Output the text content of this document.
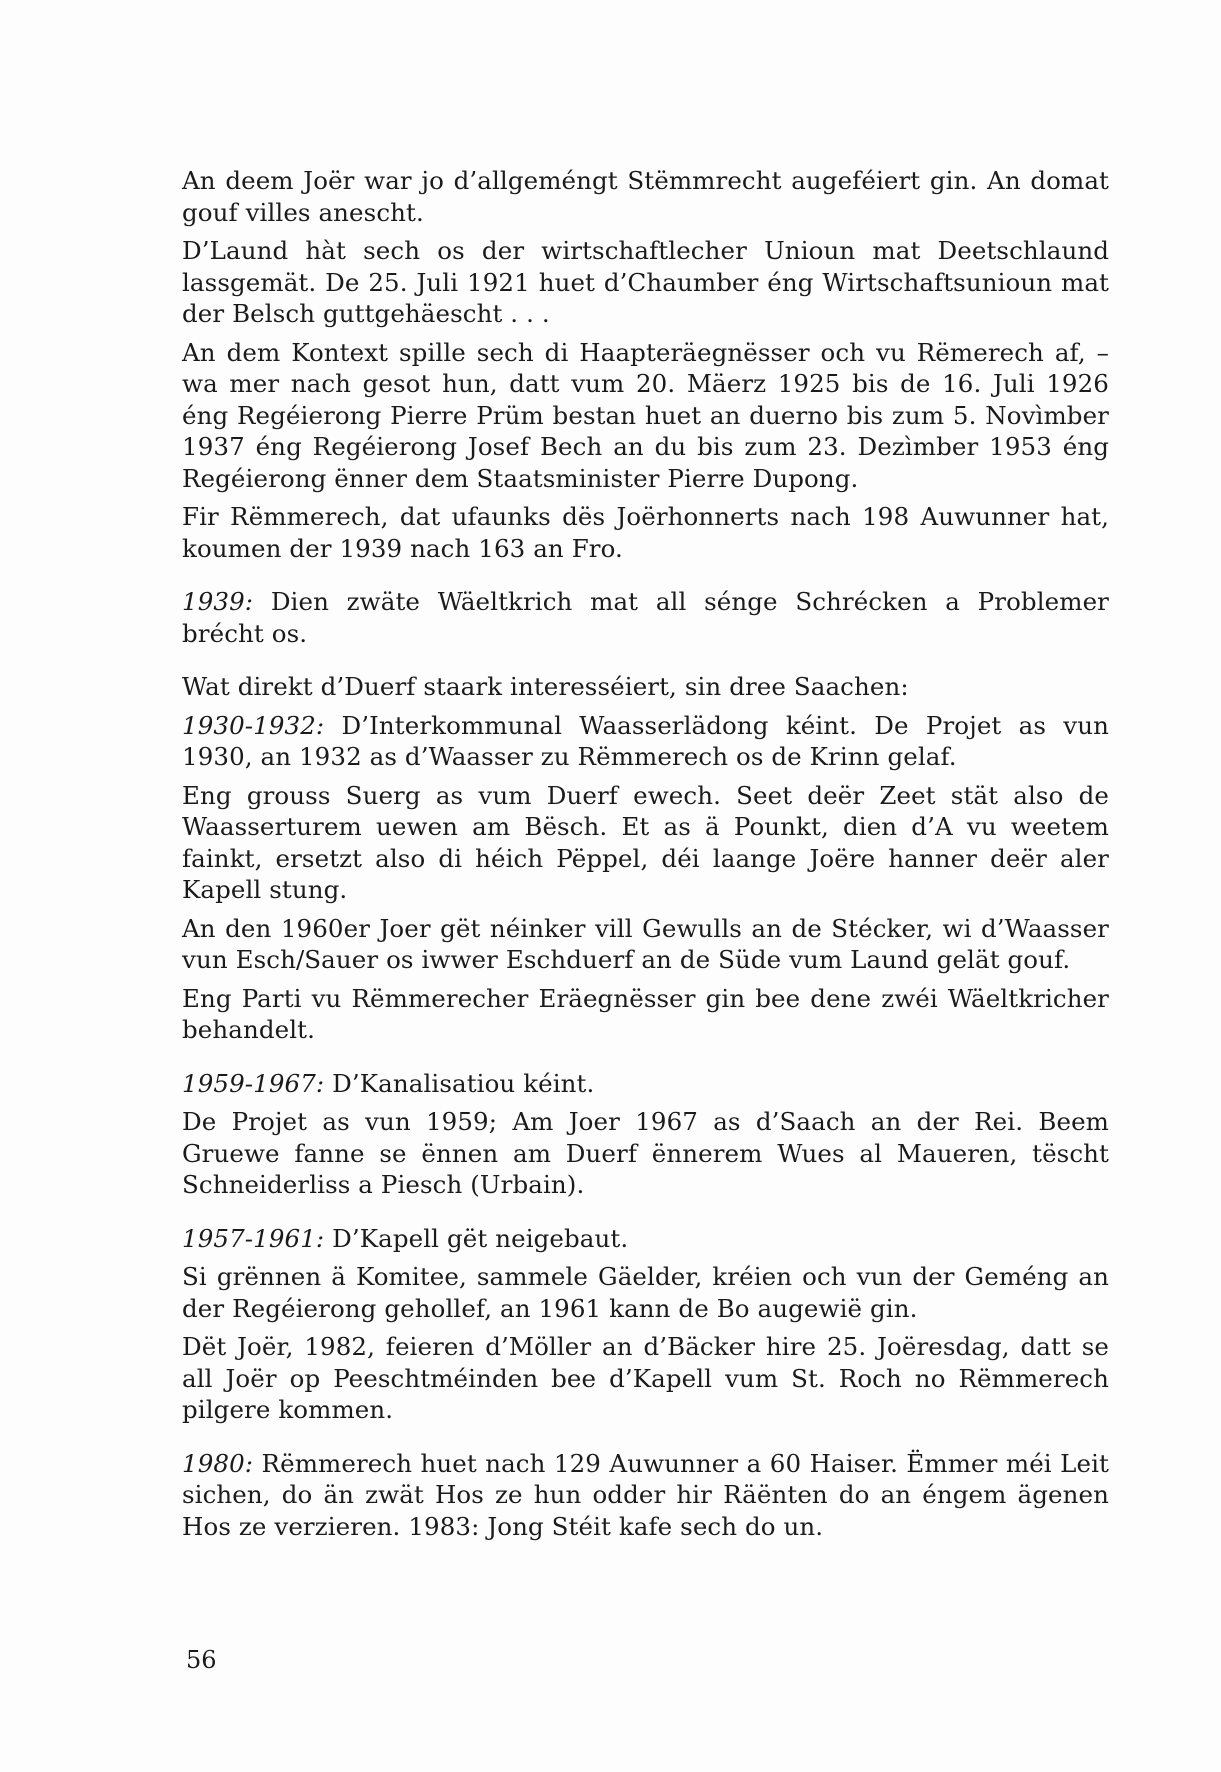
An deem Joër war jo d’allgeméngt Stëmmrecht augeféiert gin. An domat gouf villes anescht.

D’Laund hàt sech os der wirtschaftlecher Unioun mat Deetschlaund lassgemät. De 25. Juli 1921 huet d’Chaumber éng Wirtschaftsunioun mat der Belsch guttgehäescht . . .

An dem Kontext spille sech di Haapteräegnësser och vu Rëmerech af, – wa mer nach gesot hun, datt vum 20. Mäerz 1925 bis de 16. Juli 1926 éng Regéierong Pierre Prüm bestan huet an duerno bis zum 5. Novìmber 1937 éng Regéierong Josef Bech an du bis zum 23. Dezìmber 1953 éng Regéierong ënner dem Staatsminister Pierre Dupong.

Fir Rëmmerech, dat ufaunks dës Joërhonnerts nach 198 Auwunner hat, koumen der 1939 nach 163 an Fro.

1939: Dien zwäte Wäeltkrich mat all sénge Schrécken a Problemer brécht os.

Wat direkt d’Duerf staark interesséiert, sin dree Saachen:

1930-1932: D’Interkommunal Waasserlädong kéint. De Projet as vun 1930, an 1932 as d’Waasser zu Rëmmerech os de Krinn gelaf.

Eng grouss Suerg as vum Duerf ewech. Seet deër Zeet stät also de Waasserturem uewen am Bësch. Et as ä Pounkt, dien d’A vu weetem fainkt, ersetzt also di héich Pëppel, déi laange Joëre hanner deër aler Kapell stung.

An den 1960er Joer gët néinker vill Gewulls an de Stécker, wi d’Waasser vun Esch/Sauer os iwwer Eschduerf an de Süde vum Laund gelät gouf.

Eng Parti vu Rëmmerecher Eräegnësser gin bee dene zwéi Wäeltkricher behandelt.

1959-1967: D’Kanalisatiou kéint.

De Projet as vun 1959; Am Joer 1967 as d’Saach an der Rei. Beem Gruewe fanne se ënnen am Duerf ënnerem Wues al Maueren, tëscht Schneiderliss a Piesch (Urbain).

1957-1961: D’Kapell gët neigebaut.

Si grënnen ä Komitee, sammele Gäelder, kréien och vun der Geméng an der Regéierong gehollef, an 1961 kann de Bo augewië gin.

Dët Joër, 1982, feieren d’Möller an d’Bäcker hire 25. Joëresdag, datt se all Joër op Peeschtméinden bee d’Kapell vum St. Roch no Rëmmerech pilgere kommen.

1980: Rëmmerech huet nach 129 Auwunner a 60 Haiser. Ëmmer méi Leit sichen, do än zwät Hos ze hun odder hir Räënten do an éngem ägenen Hos ze verzieren. 1983: Jong Stéit kafe sech do un.

56
